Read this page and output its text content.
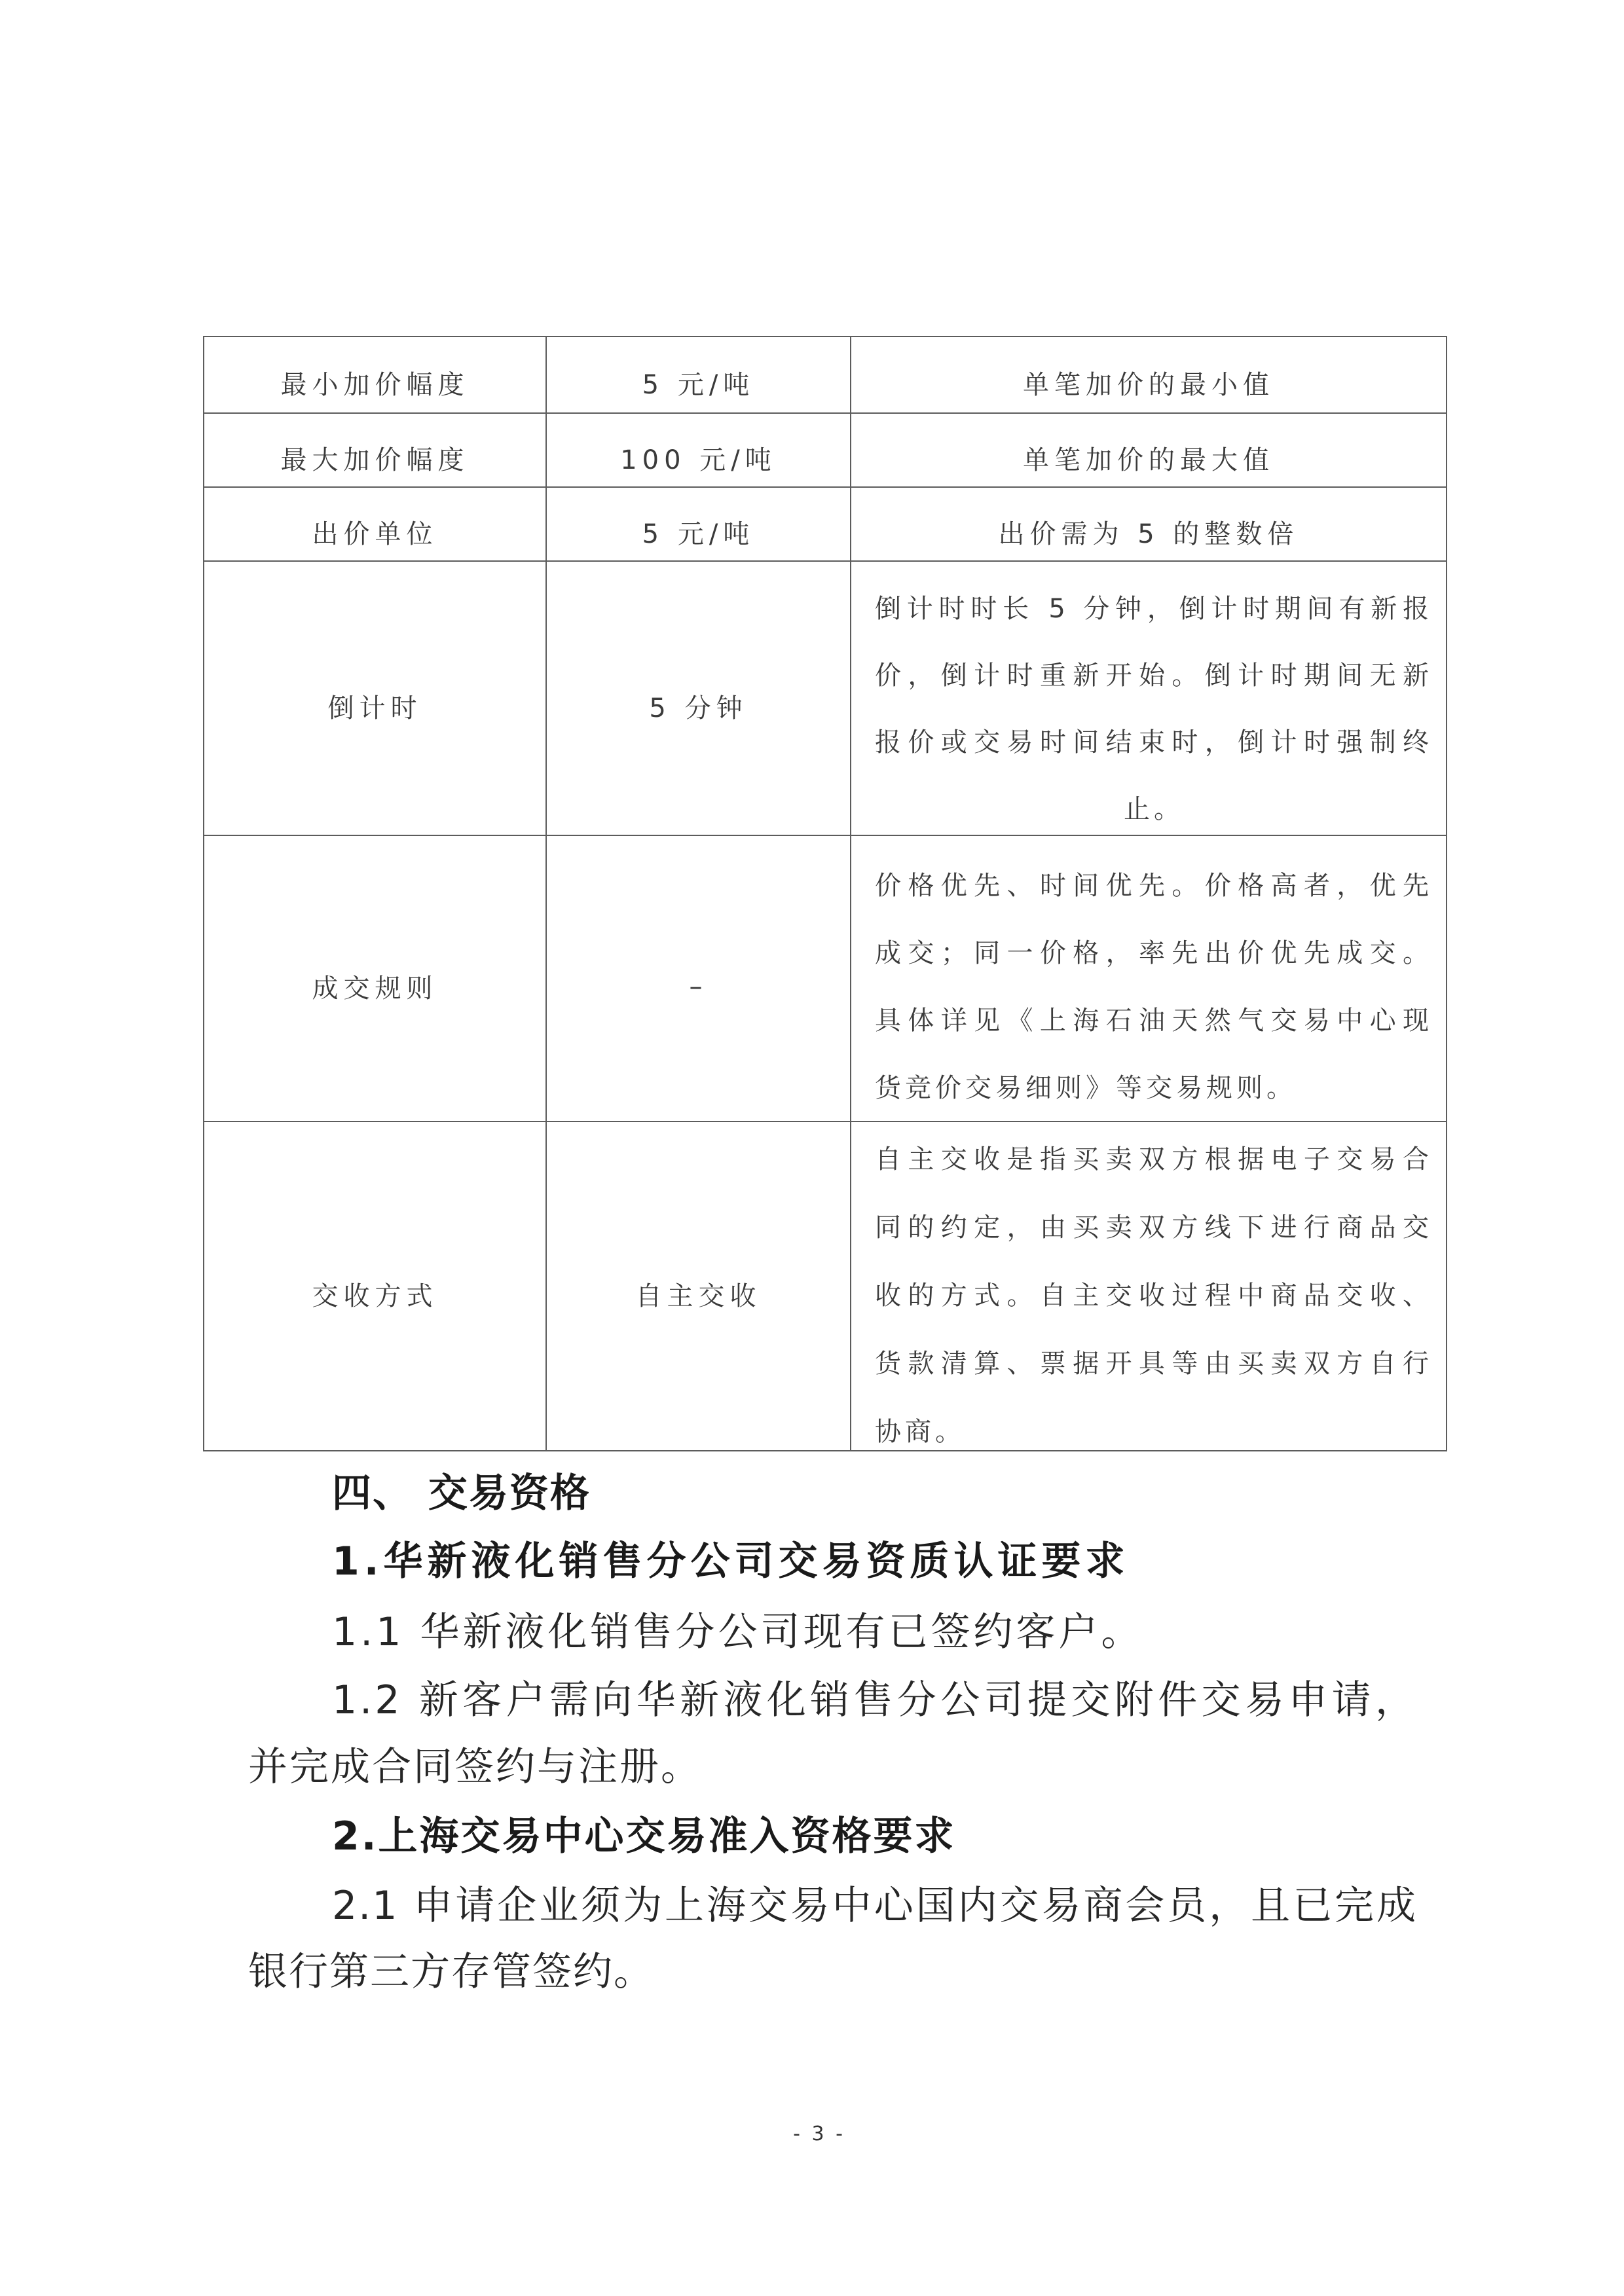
最小加价幅度	5 元/吨	单笔加价的最小值
最大加价幅度	100 元/吨	单笔加价的最大值
出价单位	5 元/吨	出价需为 5 的整数倍
倒计时	5 分钟
倒计时时长 5 分钟，倒计时期间有新报
价，倒计时重新开始。倒计时期间无新
报价或交易时间结束时，倒计时强制终
止。
成交规则	–
价格优先、时间优先。价格高者，优先
成交；同一价格，率先出价优先成交。
具体详见《上海石油天然气交易中心现
货竞价交易细则》等交易规则。
交收方式	自主交收
自主交收是指买卖双方根据电子交易合
同的约定，由买卖双方线下进行商品交
收的方式。自主交收过程中商品交收、
货款清算、票据开具等由买卖双方自行
协商。
四、 交易资格
1.华新液化销售分公司交易资质认证要求
1.1 华新液化销售分公司现有已签约客户。
1.2 新客户需向华新液化销售分公司提交附件交易申请，
并完成合同签约与注册。
2.上海交易中心交易准入资格要求
2.1 申请企业须为上海交易中心国内交易商会员，且已完成
银行第三方存管签约。
- 3 -
